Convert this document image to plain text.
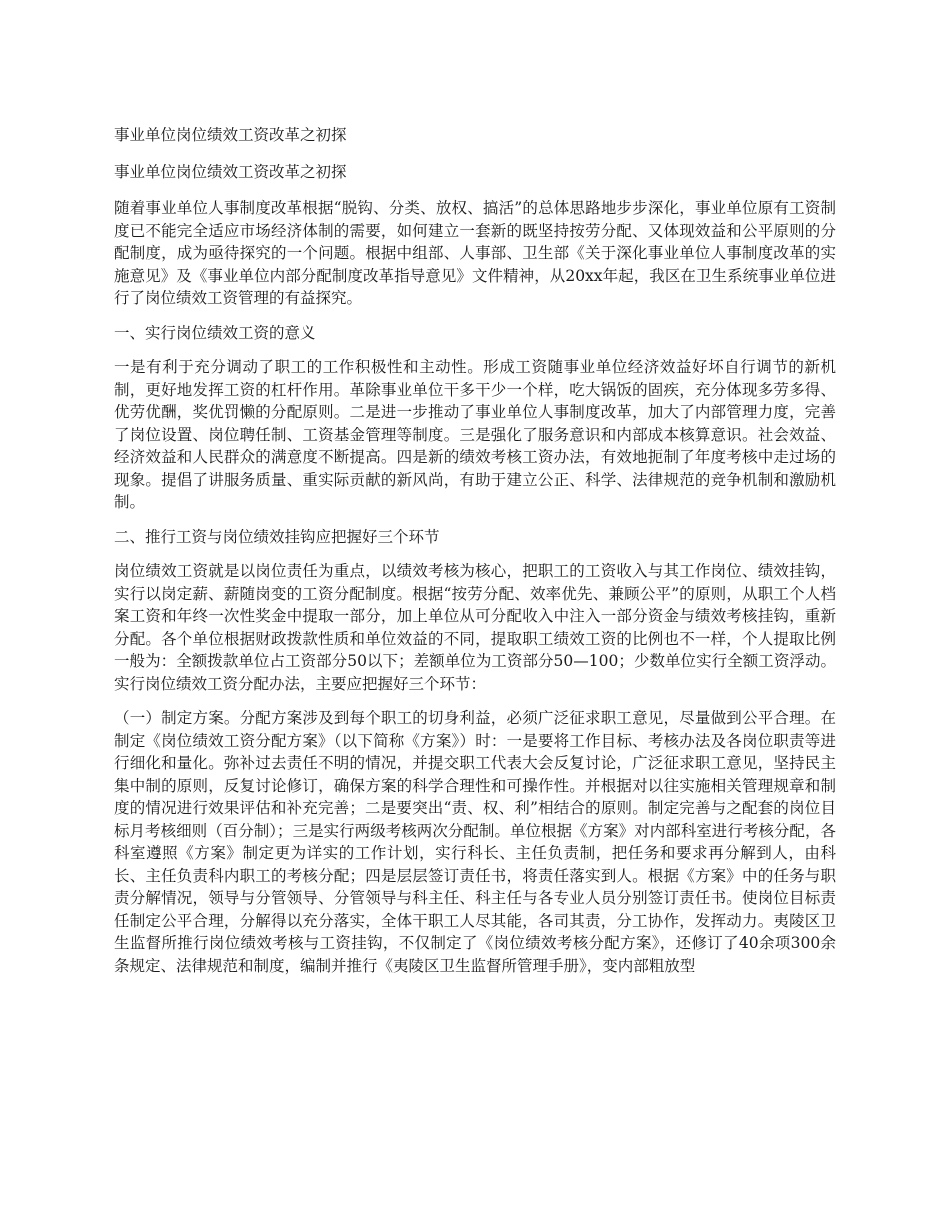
事业单位岗位绩效工资改革之初探

事业单位岗位绩效工资改革之初探

随着事业单位人事制度改革根据“脱钩、分类、放权、搞活”的总体思路地步步深化，事业单位原有工资制度已不能完全适应市场经济体制的需要，如何建立一套新的既坚持按劳分配、又体现效益和公平原则的分配制度，成为亟待探究的一个问题。根据中组部、人事部、卫生部《关于深化事业单位人事制度改革的实施意见》及《事业单位内部分配制度改革指导意见》文件精神，从20xx年起，我区在卫生系统事业单位进行了岗位绩效工资管理的有益探究。

一、实行岗位绩效工资的意义

一是有利于充分调动了职工的工作积极性和主动性。形成工资随事业单位经济效益好坏自行调节的新机制，更好地发挥工资的杠杆作用。革除事业单位干多干少一个样，吃大锅饭的固疾，充分体现多劳多得、优劳优酬，奖优罚懒的分配原则。二是进一步推动了事业单位人事制度改革，加大了内部管理力度，完善了岗位设置、岗位聘任制、工资基金管理等制度。三是强化了服务意识和内部成本核算意识。社会效益、经济效益和人民群众的满意度不断提高。四是新的绩效考核工资办法，有效地扼制了年度考核中走过场的现象。提倡了讲服务质量、重实际贡献的新风尚，有助于建立公正、科学、法律规范的竞争机制和激励机制。

二、推行工资与岗位绩效挂钩应把握好三个环节

岗位绩效工资就是以岗位责任为重点，以绩效考核为核心，把职工的工资收入与其工作岗位、绩效挂钩，实行以岗定薪、薪随岗变的工资分配制度。根据“按劳分配、效率优先、兼顾公平”的原则，从职工个人档案工资和年终一次性奖金中提取一部分，加上单位从可分配收入中注入一部分资金与绩效考核挂钩，重新分配。各个单位根据财政拨款性质和单位效益的不同，提取职工绩效工资的比例也不一样，个人提取比例一般为：全额拨款单位占工资部分50以下；差额单位为工资部分50—100；少数单位实行全额工资浮动。实行岗位绩效工资分配办法，主要应把握好三个环节：

（一）制定方案。分配方案涉及到每个职工的切身利益，必须广泛征求职工意见，尽量做到公平合理。在制定《岗位绩效工资分配方案》（以下简称《方案》）时：一是要将工作目标、考核办法及各岗位职责等进行细化和量化。弥补过去责任不明的情况，并提交职工代表大会反复讨论，广泛征求职工意见，坚持民主集中制的原则，反复讨论修订，确保方案的科学合理性和可操作性。并根据对以往实施相关管理规章和制度的情况进行效果评估和补充完善；二是要突出“责、权、利”相结合的原则。制定完善与之配套的岗位目标月考核细则（百分制）；三是实行两级考核两次分配制。单位根据《方案》对内部科室进行考核分配，各科室遵照《方案》制定更为详实的工作计划，实行科长、主任负责制，把任务和要求再分解到人，由科长、主任负责科内职工的考核分配；四是层层签订责任书，将责任落实到人。根据《方案》中的任务与职责分解情况，领导与分管领导、分管领导与科主任、科主任与各专业人员分别签订责任书。使岗位目标责任制定公平合理，分解得以充分落实，全体干职工人尽其能，各司其责，分工协作，发挥动力。夷陵区卫生监督所推行岗位绩效考核与工资挂钩，不仅制定了《岗位绩效考核分配方案》，还修订了40余项300余条规定、法律规范和制度，编制并推行《夷陵区卫生监督所管理手册》，变内部粗放型
